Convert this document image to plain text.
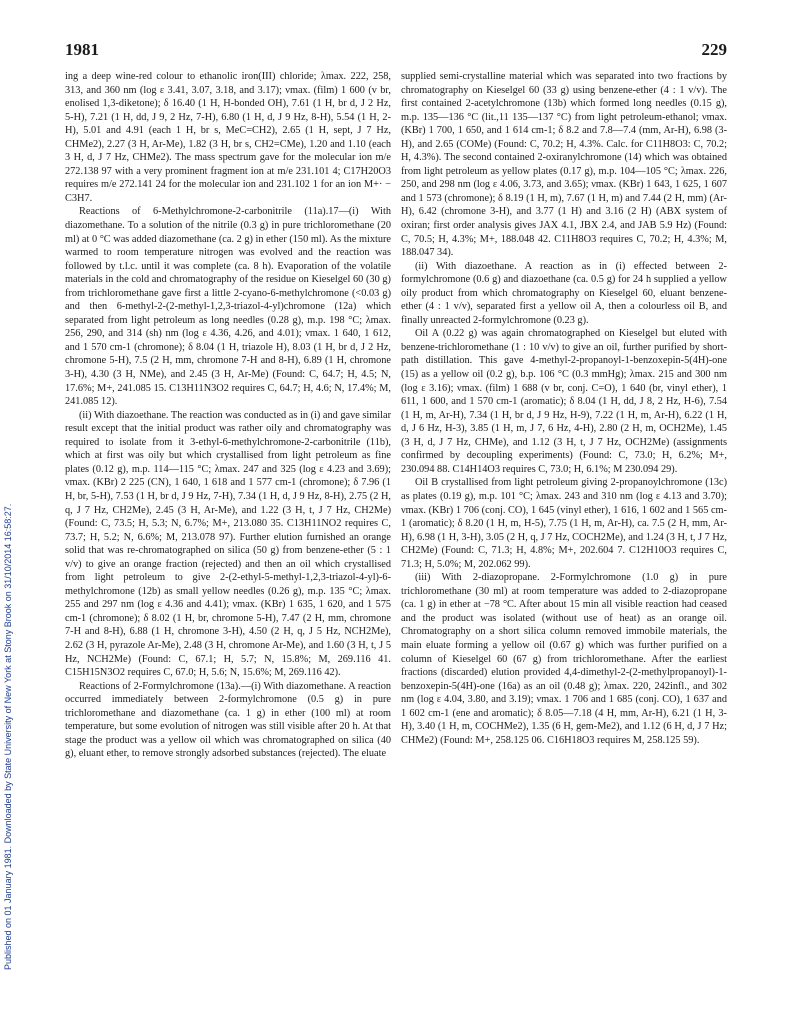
1981	229
Published on 01 January 1981. Downloaded by State University of New York at Stony Brook on 31/10/2014 16:58:27.

ing a deep wine-red colour to ethanolic iron(III) chloride; λmax. 222, 258, 313, and 360 nm (log ε 3.41, 3.07, 3.18, and 3.17); νmax. (film) 1 600 (v br, enolised 1,3-diketone); δ 16.40 (1 H, H-bonded OH), 7.61 (1 H, br d, J 2 Hz, 5-H), 7.21 (1 H, dd, J 9, 2 Hz, 7-H), 6.80 (1 H, d, J 9 Hz, 8-H), 5.54 (1 H, 2-H), 5.01 and 4.91 (each 1 H, br s, MeC=CH2), 2.65 (1 H, sept, J 7 Hz, CHMe2), 2.27 (3 H, Ar-Me), 1.82 (3 H, br s, CH2=CMe), 1.20 and 1.10 (each 3 H, d, J 7 Hz, CHMe2). The mass spectrum gave for the molecular ion m/e 272.138 97 with a very prominent fragment ion at m/e 231.101 4; C17H20O3 requires m/e 272.141 24 for the molecular ion and 231.102 1 for an ion M+· − C3H7.

Reactions of 6-Methylchromone-2-carbonitrile (11a).17—(i) With diazomethane. To a solution of the nitrile (0.3 g) in pure trichloromethane (20 ml) at 0 °C was added diazomethane (ca. 2 g) in ether (150 ml). As the mixture warmed to room temperature nitrogen was evolved and the reaction was followed by t.l.c. until it was complete (ca. 8 h). Evaporation of the volatile materials in the cold and chromatography of the residue on Kieselgel 60 (30 g) from trichloromethane gave first a little 2-cyano-6-methylchromone (<0.03 g) and then 6-methyl-2-(2-methyl-1,2,3-triazol-4-yl)chromone (12a) which separated from light petroleum as long needles (0.28 g), m.p. 198 °C; λmax. 256, 290, and 314 (sh) nm (log ε 4.36, 4.26, and 4.01); νmax. 1 640, 1 612, and 1 570 cm-1 (chromone); δ 8.04 (1 H, triazole H), 8.03 (1 H, br d, J 2 Hz, chromone 5-H), 7.5 (2 H, mm, chromone 7-H and 8-H), 6.89 (1 H, chromone 3-H), 4.30 (3 H, NMe), and 2.45 (3 H, Ar-Me) (Found: C, 64.7; H, 4.5; N, 17.6%; M+, 241.085 15. C13H11N3O2 requires C, 64.7; H, 4.6; N, 17.4%; M, 241.085 12).

(ii) With diazoethane. The reaction was conducted as in (i) and gave similar result except that the initial product was rather oily and chromatography was required to isolate from it 3-ethyl-6-methylchromone-2-carbonitrile (11b), which at first was oily but which crystallised from light petroleum as fine plates (0.12 g), m.p. 114—115 °C; λmax. 247 and 325 (log ε 4.23 and 3.69); νmax. (KBr) 2 225 (CN), 1 640, 1 618 and 1 577 cm-1 (chromone); δ 7.96 (1 H, br, 5-H), 7.53 (1 H, br d, J 9 Hz, 7-H), 7.34 (1 H, d, J 9 Hz, 8-H), 2.75 (2 H, q, J 7 Hz, CH2Me), 2.45 (3 H, Ar-Me), and 1.22 (3 H, t, J 7 Hz, CH2Me) (Found: C, 73.5; H, 5.3; N, 6.7%; M+, 213.080 35. C13H11NO2 requires C, 73.7; H, 5.2; N, 6.6%; M, 213.078 97). Further elution furnished an orange solid that was re-chromatographed on silica (50 g) from benzene-ether (5 : 1 v/v) to give an orange fraction (rejected) and then an oil which crystallised from light petroleum to give 2-(2-ethyl-5-methyl-1,2,3-triazol-4-yl)-6-methylchromone (12b) as small yellow needles (0.26 g), m.p. 135 °C; λmax. 255 and 297 nm (log ε 4.36 and 4.41); νmax. (KBr) 1 635, 1 620, and 1 575 cm-1 (chromone); δ 8.02 (1 H, br, chromone 5-H), 7.47 (2 H, mm, chromone 7-H and 8-H), 6.88 (1 H, chromone 3-H), 4.50 (2 H, q, J 5 Hz, NCH2Me), 2.62 (3 H, pyrazole Ar-Me), 2.48 (3 H, chromone Ar-Me), and 1.60 (3 H, t, J 5 Hz, NCH2Me) (Found: C, 67.1; H, 5.7; N, 15.8%; M, 269.116 41. C15H15N3O2 requires C, 67.0; H, 5.6; N, 15.6%; M, 269.116 42).

Reactions of 2-Formylchromone (13a).—(i) With diazomethane. A reaction occurred immediately between 2-formylchromone (0.5 g) in pure trichloromethane and diazomethane (ca. 1 g) in ether (100 ml) at room temperature, but some evolution of nitrogen was still visible after 20 h. At that stage the product was a yellow oil which was chromatographed on silica (40 g), eluant ether, to remove strongly adsorbed substances (rejected). The eluate

supplied semi-crystalline material which was separated into two fractions by chromatography on Kieselgel 60 (33 g) using benzene-ether (4 : 1 v/v). The first contained 2-acetylchromone (13b) which formed long needles (0.15 g), m.p. 135—136 °C (lit.,11 135—137 °C) from light petroleum-ethanol; νmax. (KBr) 1 700, 1 650, and 1 614 cm-1; δ 8.2 and 7.8—7.4 (mm, Ar-H), 6.98 (3-H), and 2.65 (COMe) (Found: C, 70.2; H, 4.3%. Calc. for C11H8O3: C, 70.2; H, 4.3%). The second contained 2-oxiranylchromone (14) which was obtained from light petroleum as yellow plates (0.17 g), m.p. 104—105 °C; λmax. 226, 250, and 298 nm (log ε 4.06, 3.73, and 3.65); νmax. (KBr) 1 643, 1 625, 1 607 and 1 573 (chromone); δ 8.19 (1 H, m), 7.67 (1 H, m) and 7.44 (2 H, mm) (Ar-H), 6.42 (chromone 3-H), and 3.77 (1 H) and 3.16 (2 H) (ABX system of oxiran; first order analysis gives JAX 4.1, JBX 2.4, and JAB 5.9 Hz) (Found: C, 70.5; H, 4.3%; M+, 188.048 42. C11H8O3 requires C, 70.2; H, 4.3%; M, 188.047 34).

(ii) With diazoethane. A reaction as in (i) effected between 2-formylchromone (0.6 g) and diazoethane (ca. 0.5 g) for 24 h supplied a yellow oily product from which chromatography on Kieselgel 60, eluant benzene-ether (4 : 1 v/v), separated first a yellow oil A, then a colourless oil B, and finally unreacted 2-formylchromone (0.23 g).

Oil A (0.22 g) was again chromatographed on Kieselgel but eluted with benzene-trichloromethane (1 : 10 v/v) to give an oil, further purified by short-path distillation. This gave 4-methyl-2-propanoyl-1-benzoxepin-5(4H)-one (15) as a yellow oil (0.2 g), b.p. 106 °C (0.3 mmHg); λmax. 215 and 300 nm (log ε 3.16); νmax. (film) 1 688 (v br, conj. C=O), 1 640 (br, vinyl ether), 1 611, 1 600, and 1 570 cm-1 (aromatic); δ 8.04 (1 H, dd, J 8, 2 Hz, H-6), 7.54 (1 H, m, Ar-H), 7.34 (1 H, br d, J 9 Hz, H-9), 7.22 (1 H, m, Ar-H), 6.22 (1 H, d, J 6 Hz, H-3), 3.85 (1 H, m, J 7, 6 Hz, 4-H), 2.80 (2 H, m, OCH2Me), 1.45 (3 H, d, J 7 Hz, CHMe), and 1.12 (3 H, t, J 7 Hz, OCH2Me) (assignments confirmed by decoupling experiments) (Found: C, 73.0; H, 6.2%; M+, 230.094 88. C14H14O3 requires C, 73.0; H, 6.1%; M 230.094 29).

Oil B crystallised from light petroleum giving 2-propanoylchromone (13c) as plates (0.19 g), m.p. 101 °C; λmax. 243 and 310 nm (log ε 4.13 and 3.70); νmax. (KBr) 1 706 (conj. CO), 1 645 (vinyl ether), 1 616, 1 602 and 1 565 cm-1 (aromatic); δ 8.20 (1 H, m, H-5), 7.75 (1 H, m, Ar-H), ca. 7.5 (2 H, mm, Ar-H), 6.98 (1 H, 3-H), 3.05 (2 H, q, J 7 Hz, COCH2Me), and 1.24 (3 H, t, J 7 Hz, CH2Me) (Found: C, 71.3; H, 4.8%; M+, 202.604 7. C12H10O3 requires C, 71.3; H, 5.0%; M, 202.062 99).

(iii) With 2-diazopropane. 2-Formylchromone (1.0 g) in pure trichloromethane (30 ml) at room temperature was added to 2-diazopropane (ca. 1 g) in ether at −78 °C. After about 15 min all visible reaction had ceased and the product was isolated (without use of heat) as an orange oil. Chromatography on a short silica column removed immobile materials, the main eluate forming a yellow oil (0.67 g) which was further purified on a column of Kieselgel 60 (67 g) from trichloromethane. After the earliest fractions (discarded) elution provided 4,4-dimethyl-2-(2-methylpropanoyl)-1-benzoxepin-5(4H)-one (16a) as an oil (0.48 g); λmax. 220, 242infl., and 302 nm (log ε 4.04, 3.80, and 3.19); νmax. 1 706 and 1 685 (conj. CO), 1 637 and 1 602 cm-1 (ene and aromatic); δ 8.05—7.18 (4 H, mm, Ar-H), 6.21 (1 H, 3-H), 3.40 (1 H, m, COCHMe2), 1.35 (6 H, gem-Me2), and 1.12 (6 H, d, J 7 Hz; CHMe2) (Found: M+, 258.125 06. C16H18O3 requires M, 258.125 59).
